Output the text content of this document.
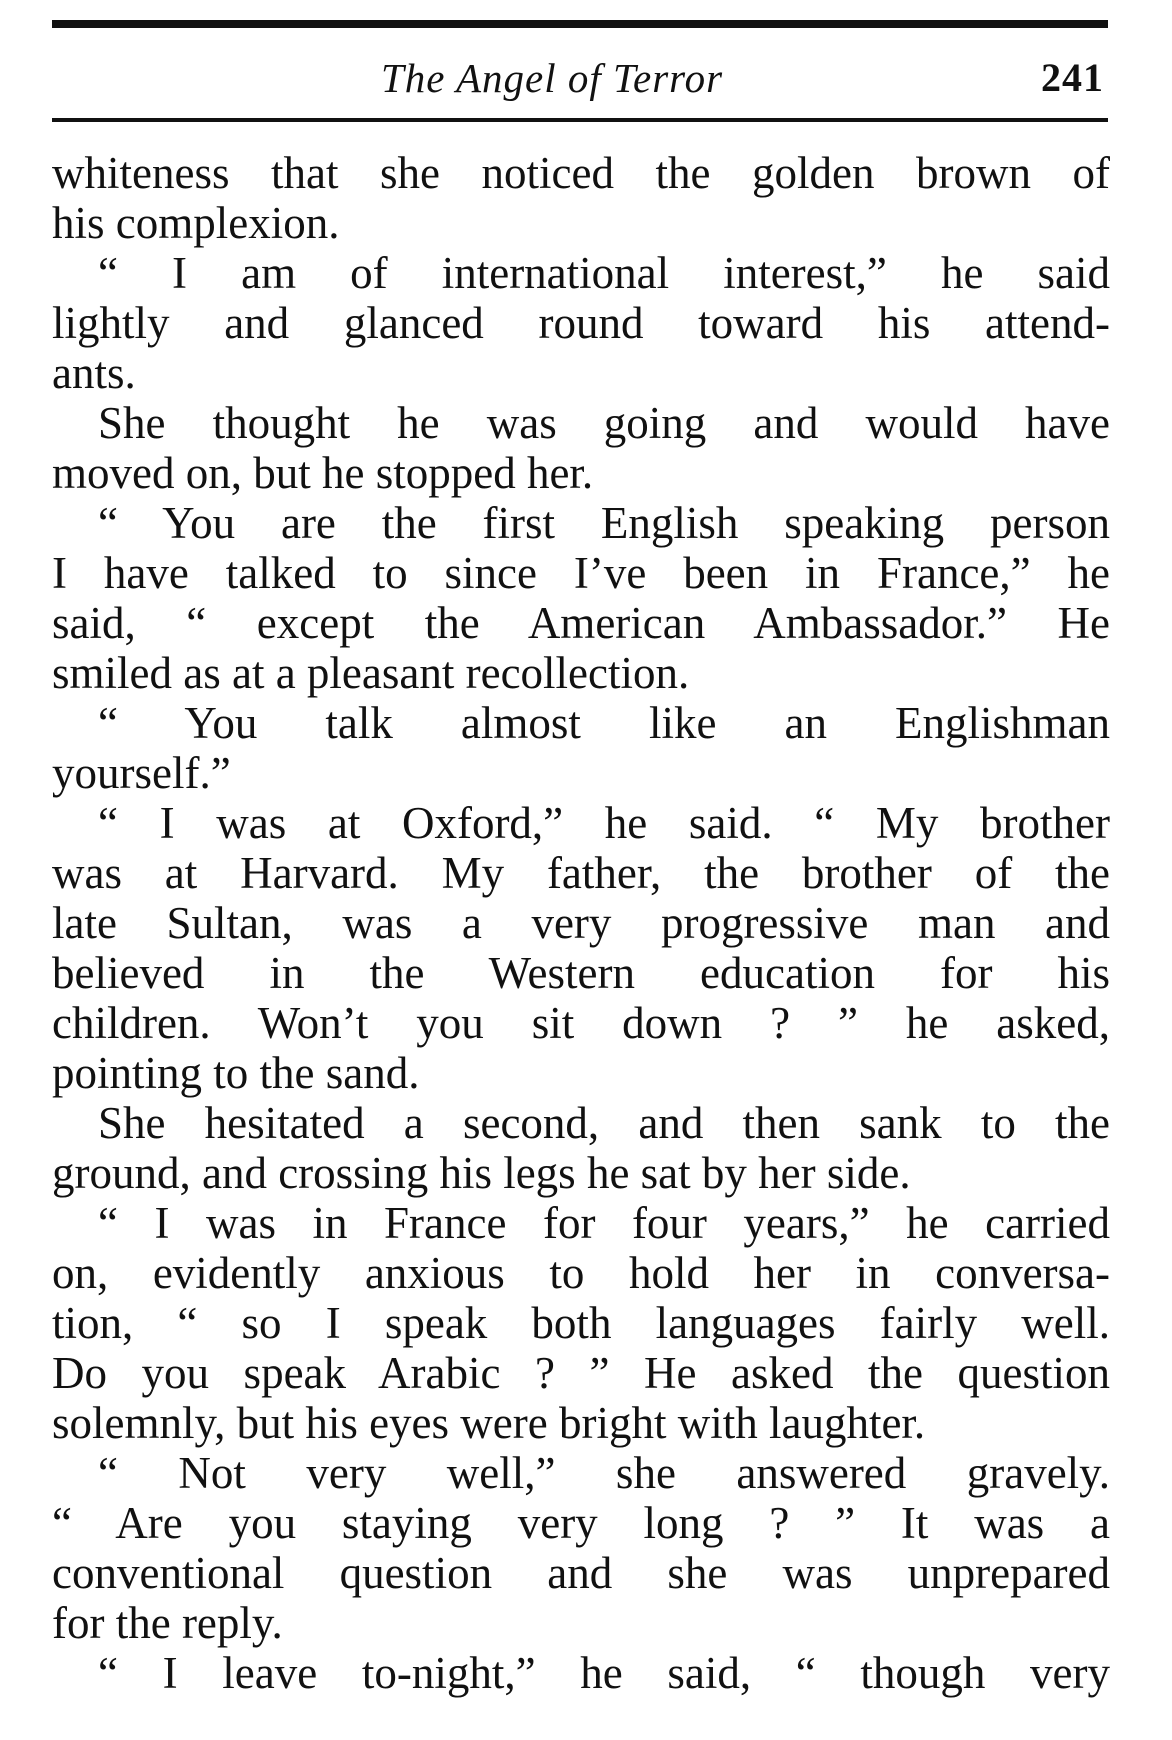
The Angel of Terror	241
whiteness that she noticed the golden brown of
his complexion.
“ I am of international interest,” he said
lightly and glanced round toward his attend-
ants.
She thought he was going and would have
moved on, but he stopped her.
“ You are the first English speaking person
I have talked to since I’ve been in France,” he
said, “ except the American Ambassador.” He
smiled as at a pleasant recollection.
“ You talk almost like an Englishman
yourself.”
“ I was at Oxford,” he said. “ My brother
was at Harvard. My father, the brother of the
late Sultan, was a very progressive man and
believed in the Western education for his
children. Won’t you sit down ? ” he asked,
pointing to the sand.
She hesitated a second, and then sank to the
ground, and crossing his legs he sat by her side.
“ I was in France for four years,” he carried
on, evidently anxious to hold her in conversa-
tion, “ so I speak both languages fairly well.
Do you speak Arabic ? ” He asked the question
solemnly, but his eyes were bright with laughter.
“ Not very well,” she answered gravely.
“ Are you staying very long ? ” It was a
conventional question and she was unprepared
for the reply.
“ I leave to-night,” he said, “ though very
